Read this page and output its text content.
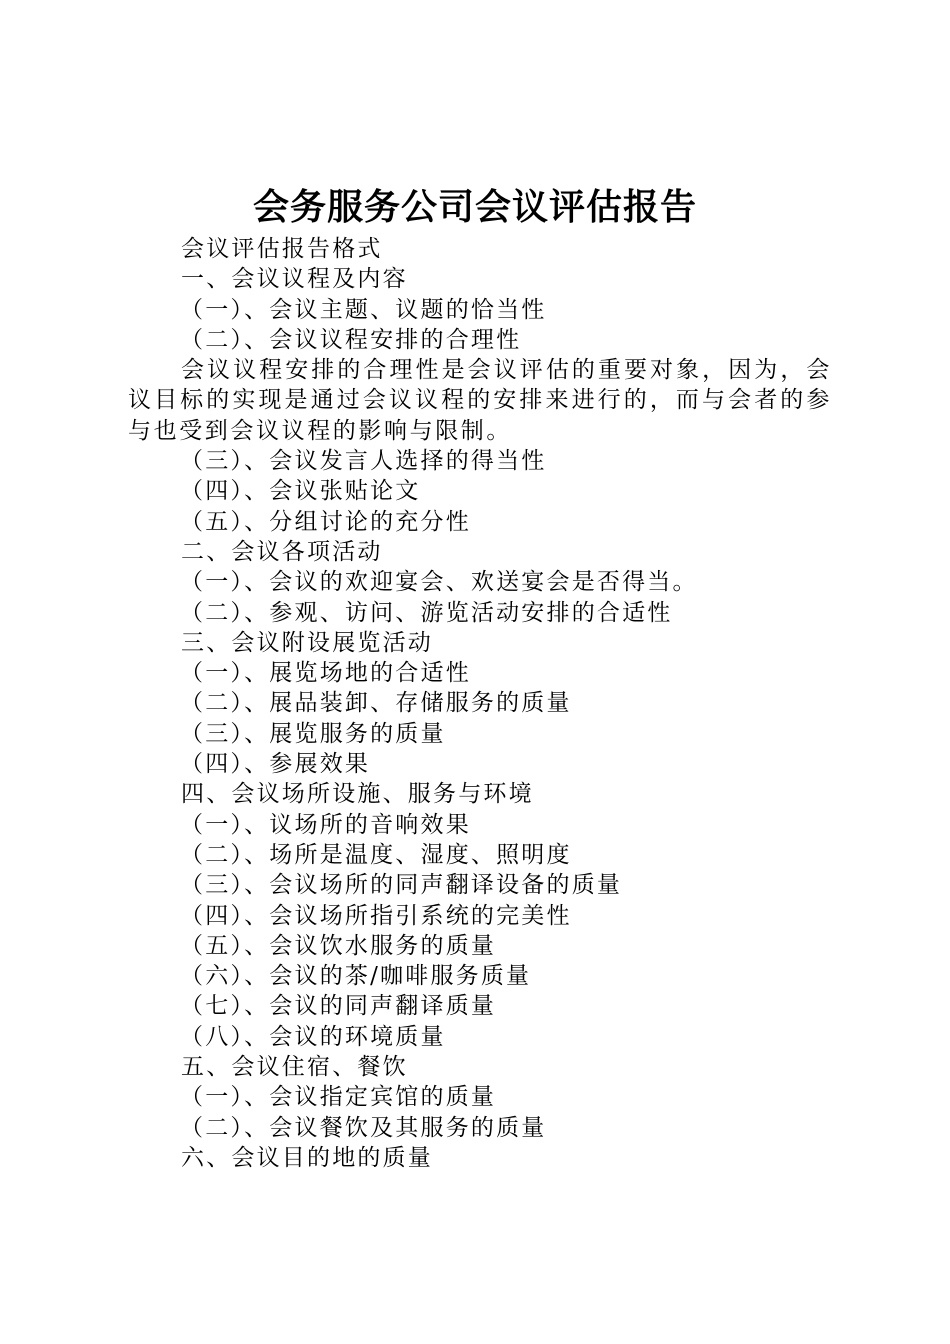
会务服务公司会议评估报告

会议评估报告格式

一、会议议程及内容

（一）、会议主题、议题的恰当性

（二）、会议议程安排的合理性

会议议程安排的合理性是会议评估的重要对象，因为，会议目标的实现是通过会议议程的安排来进行的，而与会者的参与也受到会议议程的影响与限制。

（三）、会议发言人选择的得当性

（四）、会议张贴论文

（五）、分组讨论的充分性

二、会议各项活动

（一）、会议的欢迎宴会、欢送宴会是否得当。

（二）、参观、访问、游览活动安排的合适性

三、会议附设展览活动

（一）、展览场地的合适性

（二）、展品装卸、存储服务的质量

（三）、展览服务的质量

（四）、参展效果

四、会议场所设施、服务与环境

（一）、议场所的音响效果

（二）、场所是温度、湿度、照明度

（三）、会议场所的同声翻译设备的质量

（四）、会议场所指引系统的完美性

（五）、会议饮水服务的质量

（六）、会议的茶/咖啡服务质量

（七）、会议的同声翻译质量

（八）、会议的环境质量

五、会议住宿、餐饮

（一）、会议指定宾馆的质量

（二）、会议餐饮及其服务的质量

六、会议目的地的质量
